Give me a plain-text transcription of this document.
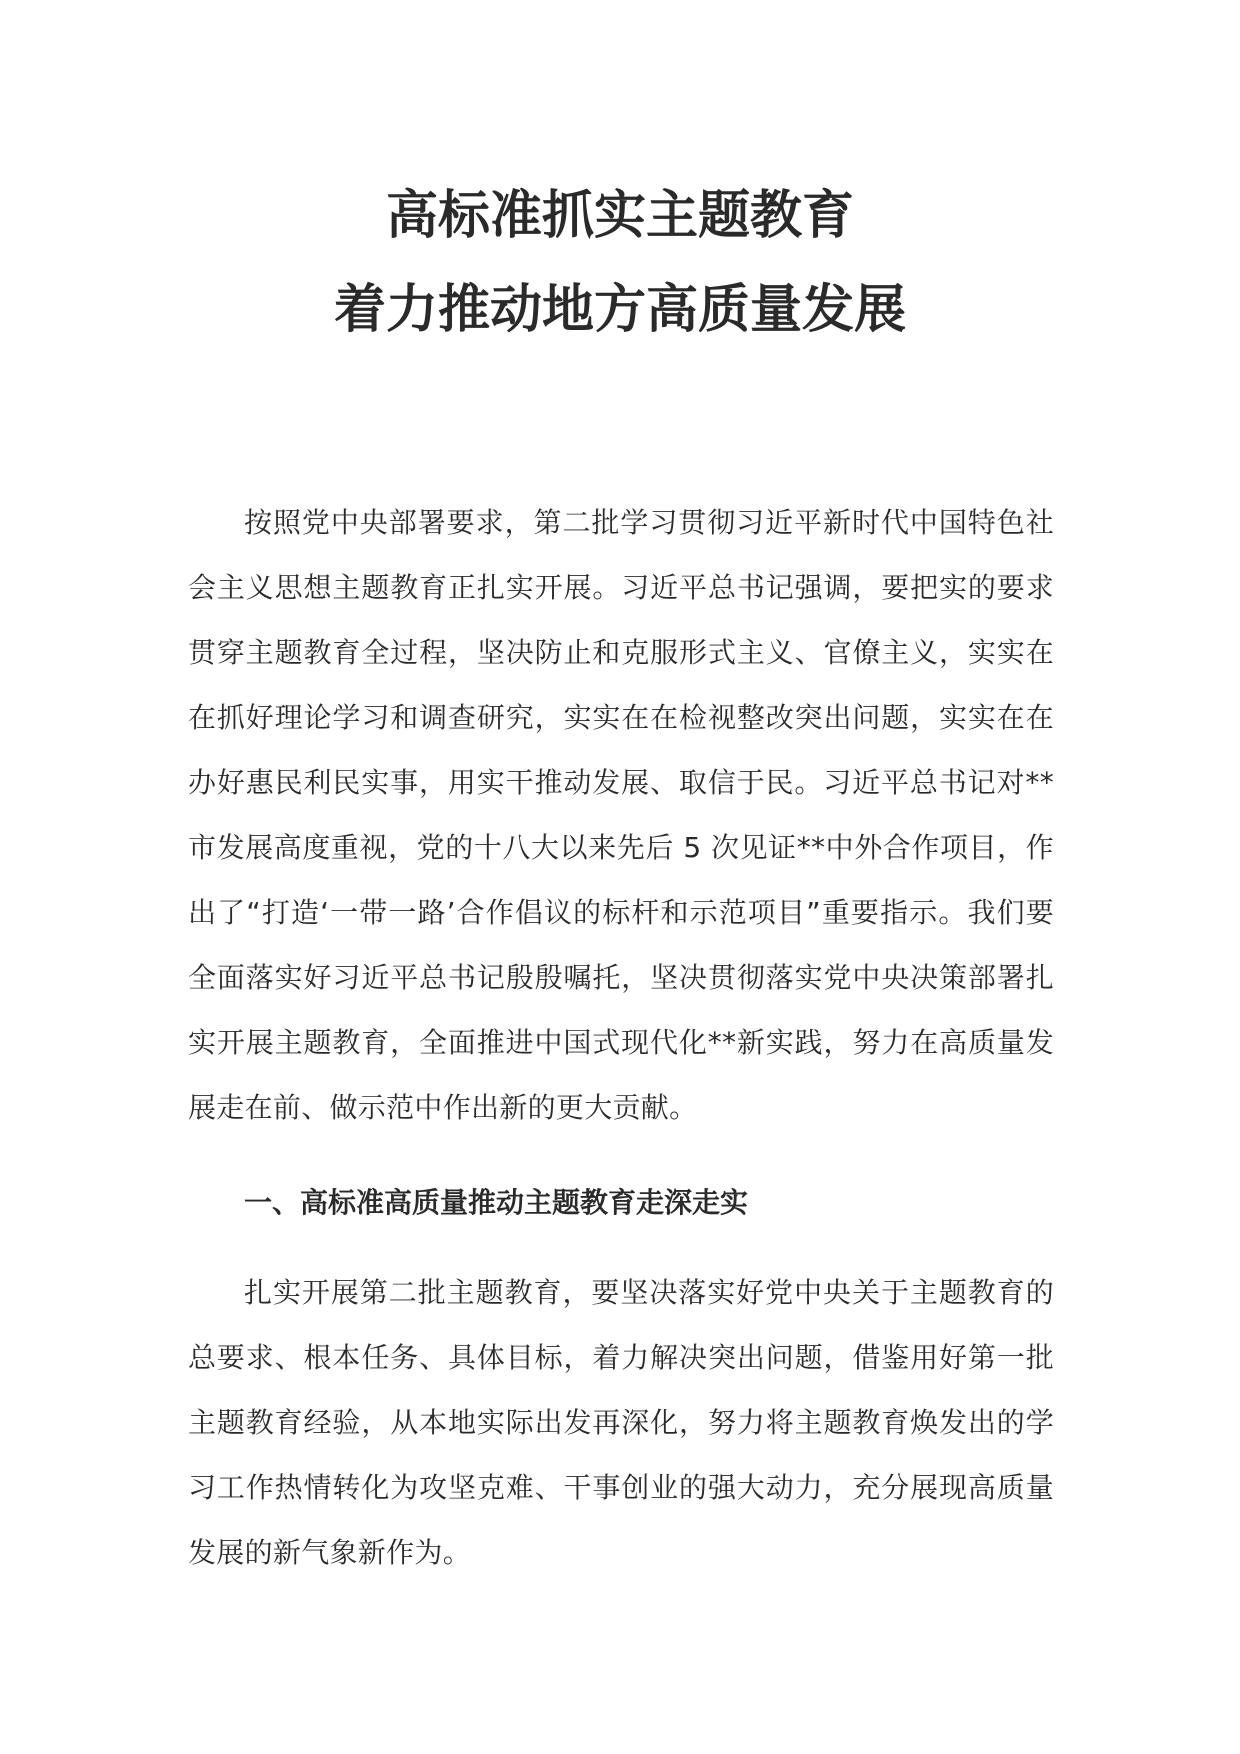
高标准抓实主题教育
着力推动地方高质量发展

按照党中央部署要求，第二批学习贯彻习近平新时代中国特色社会主义思想主题教育正扎实开展。习近平总书记强调，要把实的要求贯穿主题教育全过程，坚决防止和克服形式主义、官僚主义，实实在在抓好理论学习和调查研究，实实在在检视整改突出问题，实实在在办好惠民利民实事，用实干推动发展、取信于民。习近平总书记对**市发展高度重视，党的十八大以来先后 5 次见证**中外合作项目，作出了“打造‘一带一路’合作倡议的标杆和示范项目”重要指示。我们要全面落实好习近平总书记殷殷嘱托，坚决贯彻落实党中央决策部署扎实开展主题教育，全面推进中国式现代化**新实践，努力在高质量发展走在前、做示范中作出新的更大贡献。

一、高标准高质量推动主题教育走深走实

扎实开展第二批主题教育，要坚决落实好党中央关于主题教育的总要求、根本任务、具体目标，着力解决突出问题，借鉴用好第一批主题教育经验，从本地实际出发再深化，努力将主题教育焕发出的学习工作热情转化为攻坚克难、干事创业的强大动力，充分展现高质量发展的新气象新作为。
